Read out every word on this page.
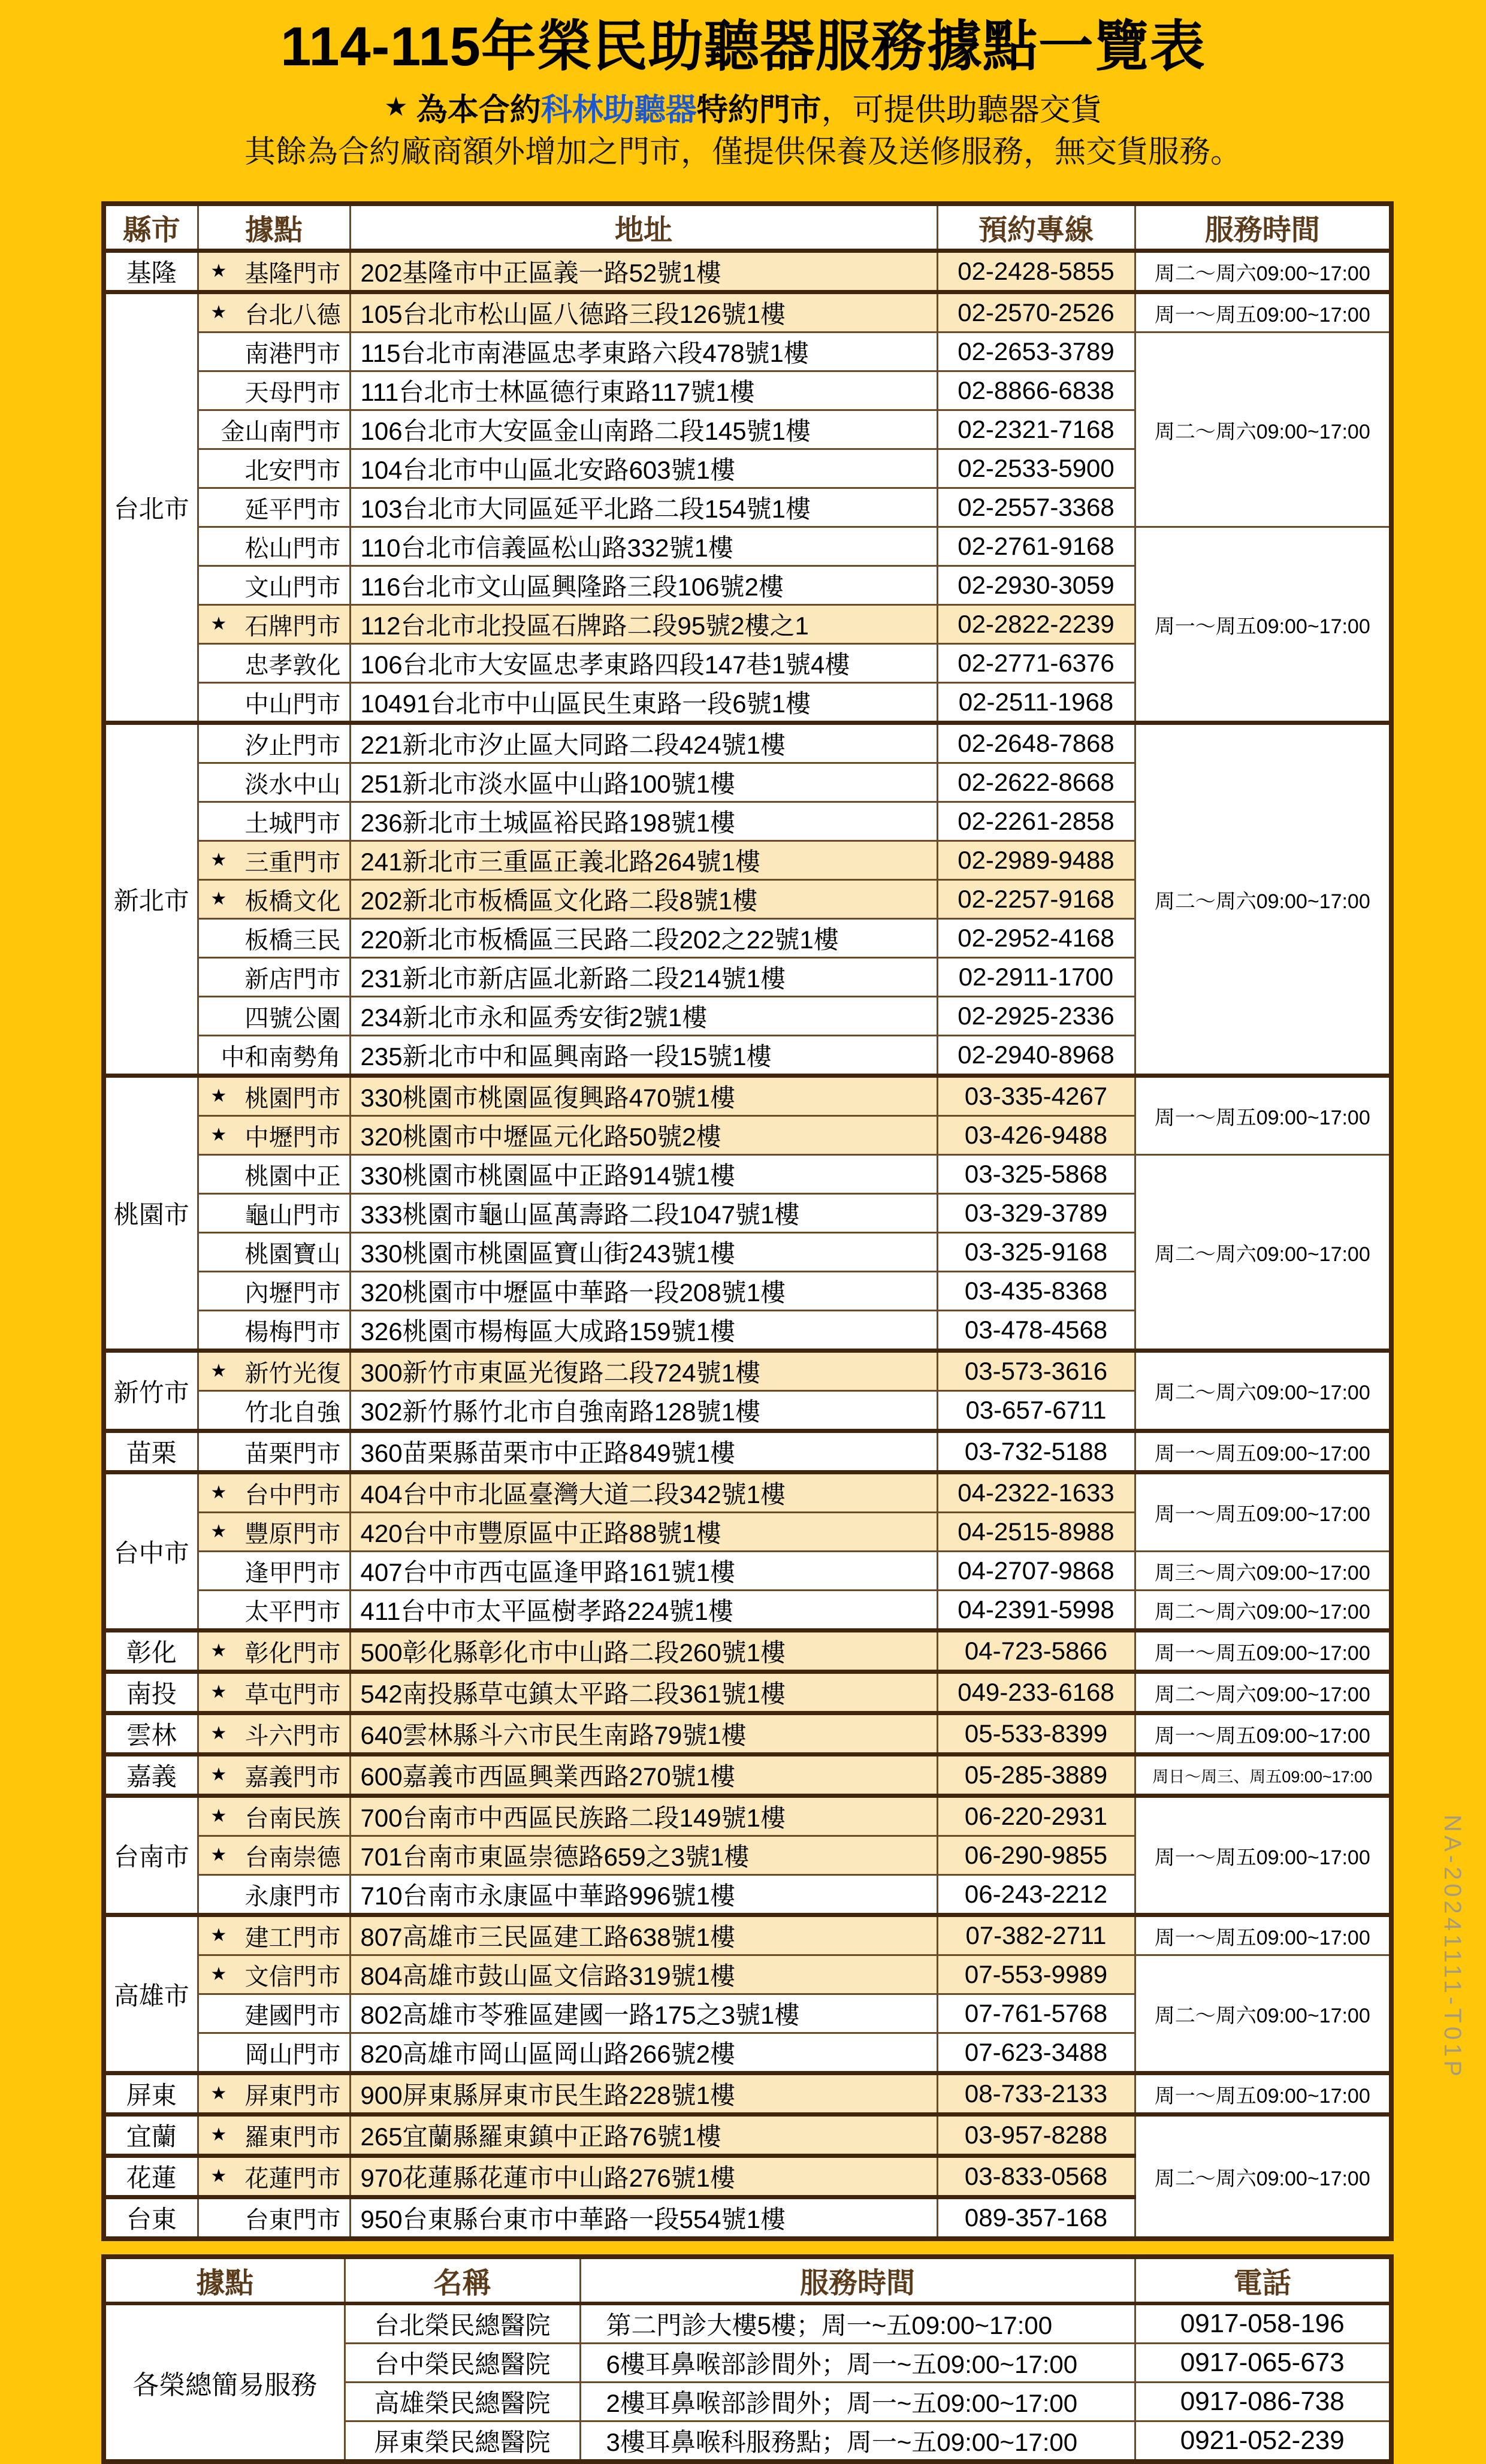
114-115年榮民助聽器服務據點一覽表
★ 為本合約科林助聽器特約門市，可提供助聽器交貨
其餘為合約廠商額外增加之門市，僅提供保養及送修服務，無交貨服務。
縣市	據點	地址	預約專線	服務時間
基隆	★ 基隆門市	202基隆市中正區義一路52號1樓	02-2428-5855	周二～周六09:00~17:00
台北市	★ 台北八德	105台北市松山區八德路三段126號1樓	02-2570-2526	周一～周五09:00~17:00

	南港門市	115台北市南港區忠孝東路六段478號1樓	02-2653-3789	周二～周六09:00~17:00

	天母門市	111台北市士林區德行東路117號1樓	02-8866-6838	

	金山南門市	106台北市大安區金山南路二段145號1樓	02-2321-7168	

	北安門市	104台北市中山區北安路603號1樓	02-2533-5900	

	延平門市	103台北市大同區延平北路二段154號1樓	02-2557-3368	

	松山門市	110台北市信義區松山路332號1樓	02-2761-9168	周一～周五09:00~17:00

	文山門市	116台北市文山區興隆路三段106號2樓	02-2930-3059	

	★ 石牌門市	112台北市北投區石牌路二段95號2樓之1	02-2822-2239	

	忠孝敦化	106台北市大安區忠孝東路四段147巷1號4樓	02-2771-6376	

	中山門市	10491台北市中山區民生東路一段6號1樓	02-2511-1968	
新北市	汐止門市	221新北市汐止區大同路二段424號1樓	02-2648-7868	周二～周六09:00~17:00

	淡水中山	251新北市淡水區中山路100號1樓	02-2622-8668	

	土城門市	236新北市土城區裕民路198號1樓	02-2261-2858	

	★ 三重門市	241新北市三重區正義北路264號1樓	02-2989-9488	

	★ 板橋文化	202新北市板橋區文化路二段8號1樓	02-2257-9168	

	板橋三民	220新北市板橋區三民路二段202之22號1樓	02-2952-4168	

	新店門市	231新北市新店區北新路二段214號1樓	02-2911-1700	

	四號公園	234新北市永和區秀安街2號1樓	02-2925-2336	

	中和南勢角	235新北市中和區興南路一段15號1樓	02-2940-8968	
桃園市	★ 桃園門市	330桃園市桃園區復興路470號1樓	03-335-4267	周一～周五09:00~17:00

	★ 中壢門市	320桃園市中壢區元化路50號2樓	03-426-9488	

	桃園中正	330桃園市桃園區中正路914號1樓	03-325-5868	周二～周六09:00~17:00

	龜山門市	333桃園市龜山區萬壽路二段1047號1樓	03-329-3789	

	桃園寶山	330桃園市桃園區寶山街243號1樓	03-325-9168	

	內壢門市	320桃園市中壢區中華路一段208號1樓	03-435-8368	

	楊梅門市	326桃園市楊梅區大成路159號1樓	03-478-4568	
新竹市	★ 新竹光復	300新竹市東區光復路二段724號1樓	03-573-3616	周二～周六09:00~17:00

	竹北自強	302新竹縣竹北市自強南路128號1樓	03-657-6711	
苗栗	苗栗門市	360苗栗縣苗栗市中正路849號1樓	03-732-5188	周一～周五09:00~17:00
台中市	★ 台中門市	404台中市北區臺灣大道二段342號1樓	04-2322-1633	周一～周五09:00~17:00

	★ 豐原門市	420台中市豐原區中正路88號1樓	04-2515-8988	

	逢甲門市	407台中市西屯區逢甲路161號1樓	04-2707-9868	周三～周六09:00~17:00

	太平門市	411台中市太平區樹孝路224號1樓	04-2391-5998	周二～周六09:00~17:00
彰化	★ 彰化門市	500彰化縣彰化市中山路二段260號1樓	04-723-5866	周一～周五09:00~17:00
南投	★ 草屯門市	542南投縣草屯鎮太平路二段361號1樓	049-233-6168	周二～周六09:00~17:00
雲林	★ 斗六門市	640雲林縣斗六市民生南路79號1樓	05-533-8399	周一～周五09:00~17:00
嘉義	★ 嘉義門市	600嘉義市西區興業西路270號1樓	05-285-3889	周日～周三、周五09:00~17:00
台南市	★ 台南民族	700台南市中西區民族路二段149號1樓	06-220-2931	周一～周五09:00~17:00

	★ 台南崇德	701台南市東區崇德路659之3號1樓	06-290-9855	

	永康門市	710台南市永康區中華路996號1樓	06-243-2212	
高雄市	★ 建工門市	807高雄市三民區建工路638號1樓	07-382-2711	周一～周五09:00~17:00

	★ 文信門市	804高雄市鼓山區文信路319號1樓	07-553-9989	周二～周六09:00~17:00

	建國門市	802高雄市苓雅區建國一路175之3號1樓	07-761-5768	

	岡山門市	820高雄市岡山區岡山路266號2樓	07-623-3488	
屏東	★ 屏東門市	900屏東縣屏東市民生路228號1樓	08-733-2133	周一～周五09:00~17:00
宜蘭	★ 羅東門市	265宜蘭縣羅東鎮中正路76號1樓	03-957-8288	周二～周六09:00~17:00
花蓮	★ 花蓮門市	970花蓮縣花蓮市中山路276號1樓	03-833-0568	
台東	台東門市	950台東縣台東市中華路一段554號1樓	089-357-168	
據點	名稱	服務時間	電話
各榮總簡易服務	台北榮民總醫院	第二門診大樓5樓；周一~五09:00~17:00	0917-058-196
	台中榮民總醫院	6樓耳鼻喉部診間外；周一~五09:00~17:00	0917-065-673
	高雄榮民總醫院	2樓耳鼻喉部診間外；周一~五09:00~17:00	0917-086-738
	屏東榮民總醫院	3樓耳鼻喉科服務點；周一~五09:00~17:00	0921-052-239
NA-20241111-T01P
